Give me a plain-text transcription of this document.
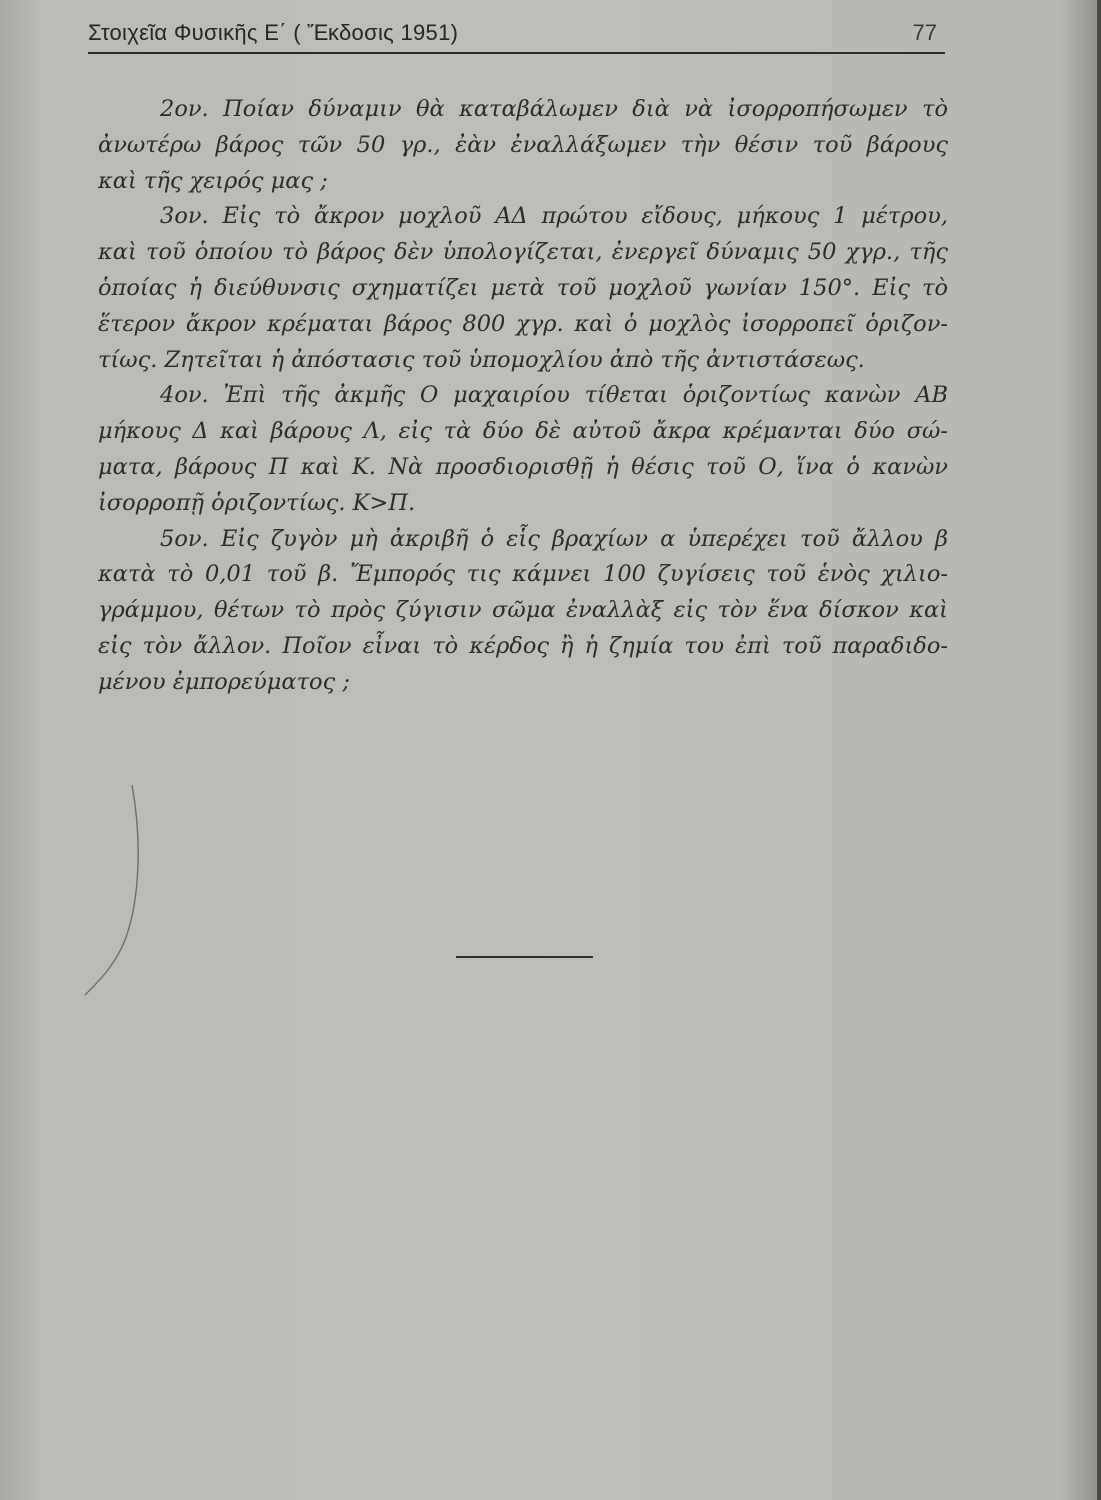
Στοιχεῖα Φυσικῆς Ε΄ ( Ἔκδοσις 1951)	77
2ον. Ποίαν δύναμιν θὰ καταβάλωμεν διὰ νὰ ἰσορροπήσωμεν τὸ
ἀνωτέρω βάρος τῶν 50 γρ., ἐὰν ἐναλλάξωμεν τὴν θέσιν τοῦ βάρους
καὶ τῆς χειρός μας ;
3ον. Εἰς τὸ ἄκρον μοχλοῦ ΑΔ πρώτου εἴδους, μήκους 1 μέτρου,
καὶ τοῦ ὁποίου τὸ βάρος δὲν ὑπολογίζεται, ἐνεργεῖ δύναμις 50 χγρ., τῆς
ὁποίας ἡ διεύθυνσις σχηματίζει μετὰ τοῦ μοχλοῦ γωνίαν 150°. Εἰς τὸ
ἕτερον ἄκρον κρέμαται βάρος 800 χγρ. καὶ ὁ μοχλὸς ἰσορροπεῖ ὁριζον-
τίως. Ζητεῖται ἡ ἀπόστασις τοῦ ὑπομοχλίου ἀπὸ τῆς ἀντιστάσεως.
4ον. Ἐπὶ τῆς ἀκμῆς Ο μαχαιρίου τίθεται ὁριζοντίως κανὼν ΑΒ
μήκους Δ καὶ βάρους Λ, εἰς τὰ δύο δὲ αὐτοῦ ἄκρα κρέμανται δύο σώ-
ματα, βάρους Π καὶ Κ. Νὰ προσδιορισθῇ ἡ θέσις τοῦ Ο, ἵνα ὁ κανὼν
ἰσορροπῇ ὁριζοντίως. Κ>Π.
5ον. Εἰς ζυγὸν μὴ ἀκριβῆ ὁ εἷς βραχίων α ὑπερέχει τοῦ ἄλλου β
κατὰ τὸ 0,01 τοῦ β. Ἔμπορός τις κάμνει 100 ζυγίσεις τοῦ ἑνὸς χιλιο-
γράμμου, θέτων τὸ πρὸς ζύγισιν σῶμα ἐναλλὰξ εἰς τὸν ἕνα δίσκον καὶ
εἰς τὸν ἄλλον. Ποῖον εἶναι τὸ κέρδος ἢ ἡ ζημία του ἐπὶ τοῦ παραδιδο-
μένου ἐμπορεύματος ;
